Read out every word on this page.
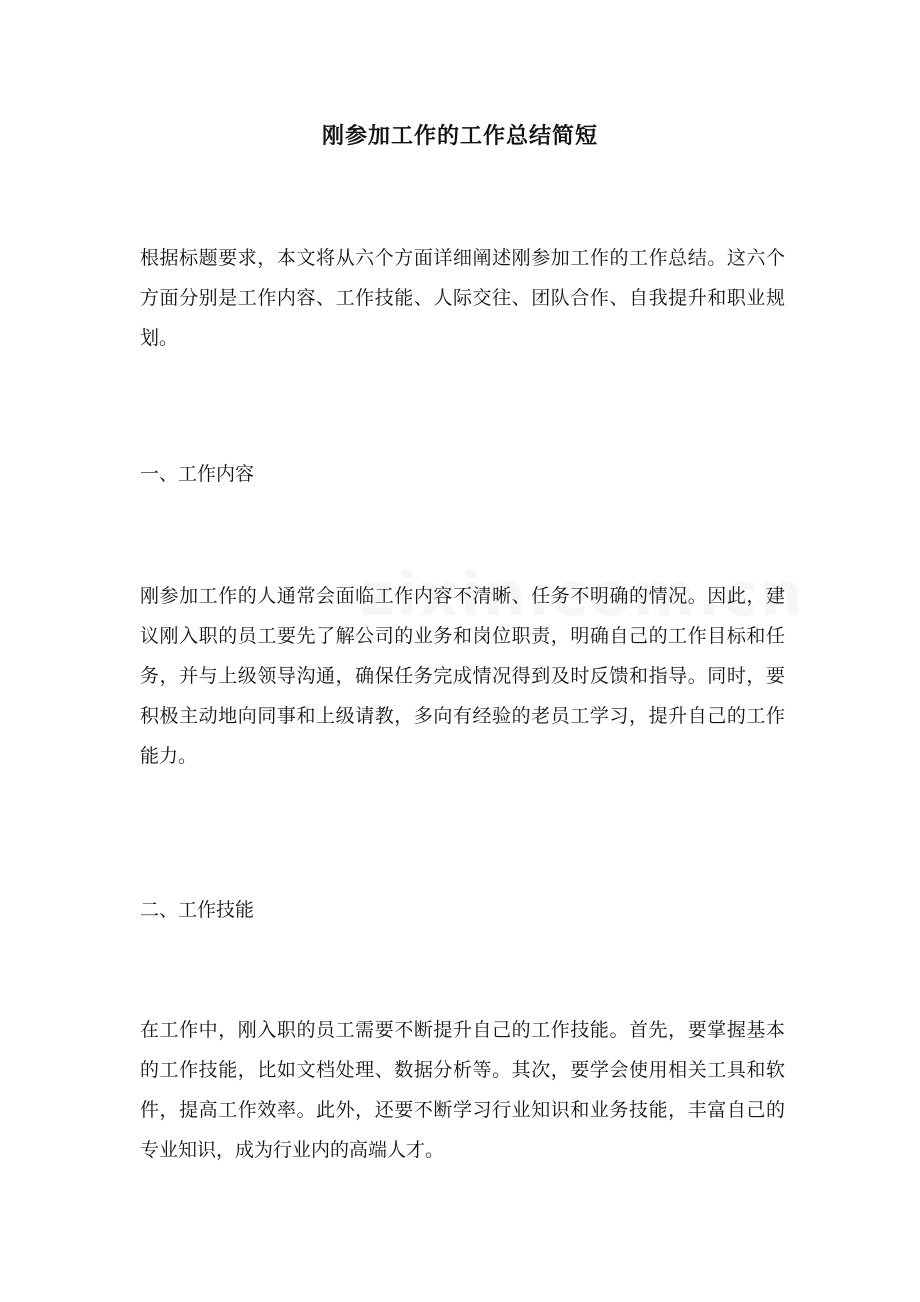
刚参加工作的工作总结简短

根据标题要求，本文将从六个方面详细阐述刚参加工作的工作总结。这六个方面分别是工作内容、工作技能、人际交往、团队合作、自我提升和职业规划。

一、工作内容

刚参加工作的人通常会面临工作内容不清晰、任务不明确的情况。因此，建议刚入职的员工要先了解公司的业务和岗位职责，明确自己的工作目标和任务，并与上级领导沟通，确保任务完成情况得到及时反馈和指导。同时，要积极主动地向同事和上级请教，多向有经验的老员工学习，提升自己的工作能力。

二、工作技能

在工作中，刚入职的员工需要不断提升自己的工作技能。首先，要掌握基本的工作技能，比如文档处理、数据分析等。其次，要学会使用相关工具和软件，提高工作效率。此外，还要不断学习行业知识和业务技能，丰富自己的专业知识，成为行业内的高端人才。
